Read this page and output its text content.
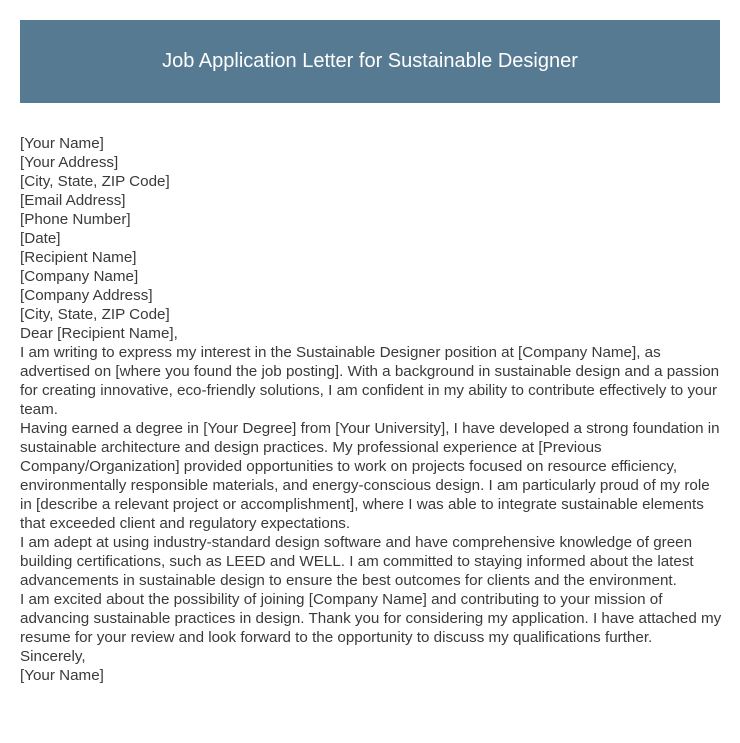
Job Application Letter for Sustainable Designer

[Your Name]

[Your Address]

[City, State, ZIP Code]

[Email Address]

[Phone Number]

[Date]

[Recipient Name]

[Company Name]

[Company Address]

[City, State, ZIP Code]

Dear [Recipient Name],

I am writing to express my interest in the Sustainable Designer position at [Company Name], as advertised on [where you found the job posting]. With a background in sustainable design and a passion for creating innovative, eco-friendly solutions, I am confident in my ability to contribute effectively to your team.

Having earned a degree in [Your Degree] from [Your University], I have developed a strong foundation in sustainable architecture and design practices. My professional experience at [Previous Company/Organization] provided opportunities to work on projects focused on resource efficiency, environmentally responsible materials, and energy-conscious design. I am particularly proud of my role in [describe a relevant project or accomplishment], where I was able to integrate sustainable elements that exceeded client and regulatory expectations.

I am adept at using industry-standard design software and have comprehensive knowledge of green building certifications, such as LEED and WELL. I am committed to staying informed about the latest advancements in sustainable design to ensure the best outcomes for clients and the environment.

I am excited about the possibility of joining [Company Name] and contributing to your mission of advancing sustainable practices in design. Thank you for considering my application. I have attached my resume for your review and look forward to the opportunity to discuss my qualifications further.

Sincerely,

[Your Name]
